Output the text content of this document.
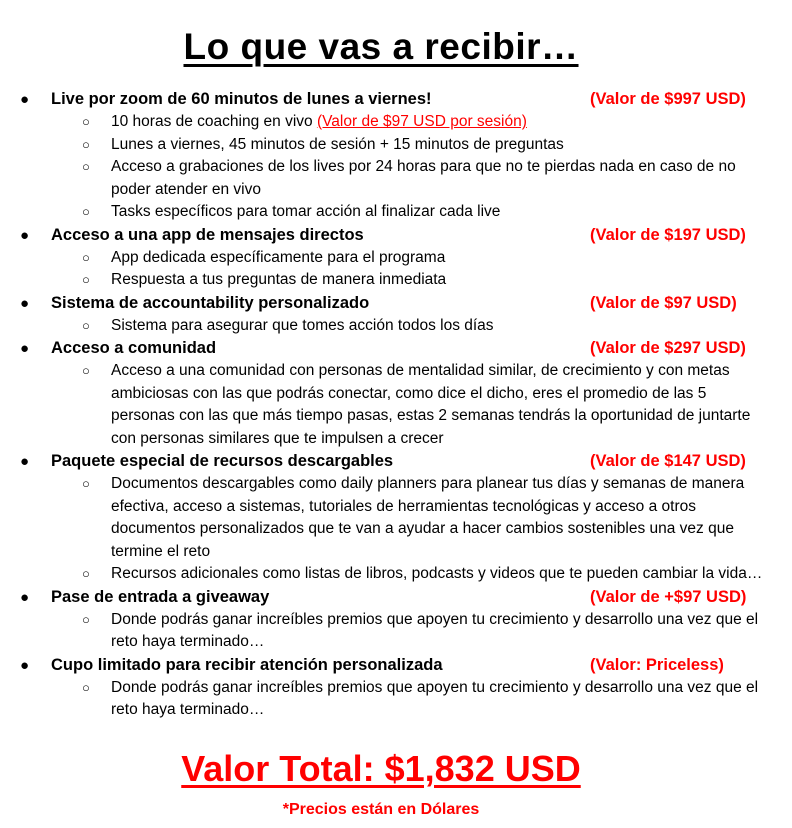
Lo que vas a recibir…
● Live por zoom de 60 minutos de lunes a viernes!	(Valor de $997 USD)
○ 10 horas de coaching en vivo (Valor de $97 USD por sesión)
○ Lunes a viernes, 45 minutos de sesión + 15 minutos de preguntas
○ Acceso a grabaciones de los lives por 24 horas para que no te pierdas nada en caso de no poder atender en vivo
○ Tasks específicos para tomar acción al finalizar cada live
● Acceso a una app de mensajes directos	(Valor de $197 USD)
○ App dedicada específicamente para el programa
○ Respuesta a tus preguntas de manera inmediata
● Sistema de accountability personalizado	(Valor de $97 USD)
○ Sistema para asegurar que tomes acción todos los días
● Acceso a comunidad	(Valor de $297 USD)
○ Acceso a una comunidad con personas de mentalidad similar, de crecimiento y con metas ambiciosas con las que podrás conectar, como dice el dicho, eres el promedio de las 5 personas con las que más tiempo pasas, estas 2 semanas tendrás la oportunidad de juntarte con personas similares que te impulsen a crecer
● Paquete especial de recursos descargables	(Valor de $147 USD)
○ Documentos descargables como daily planners para planear tus días y semanas de manera efectiva, acceso a sistemas, tutoriales de herramientas tecnológicas y acceso a otros documentos personalizados que te van a ayudar a hacer cambios sostenibles una vez que termine el reto
○ Recursos adicionales como listas de libros, podcasts y videos que te pueden cambiar la vida…
● Pase de entrada a giveaway	(Valor de +$97 USD)
○ Donde podrás ganar increíbles premios que apoyen tu crecimiento y desarrollo una vez que el reto haya terminado…
● Cupo limitado para recibir atención personalizada	(Valor: Priceless)
○ Donde podrás ganar increíbles premios que apoyen tu crecimiento y desarrollo una vez que el reto haya terminado…
Valor Total: $1,832 USD
*Precios están en Dólares
